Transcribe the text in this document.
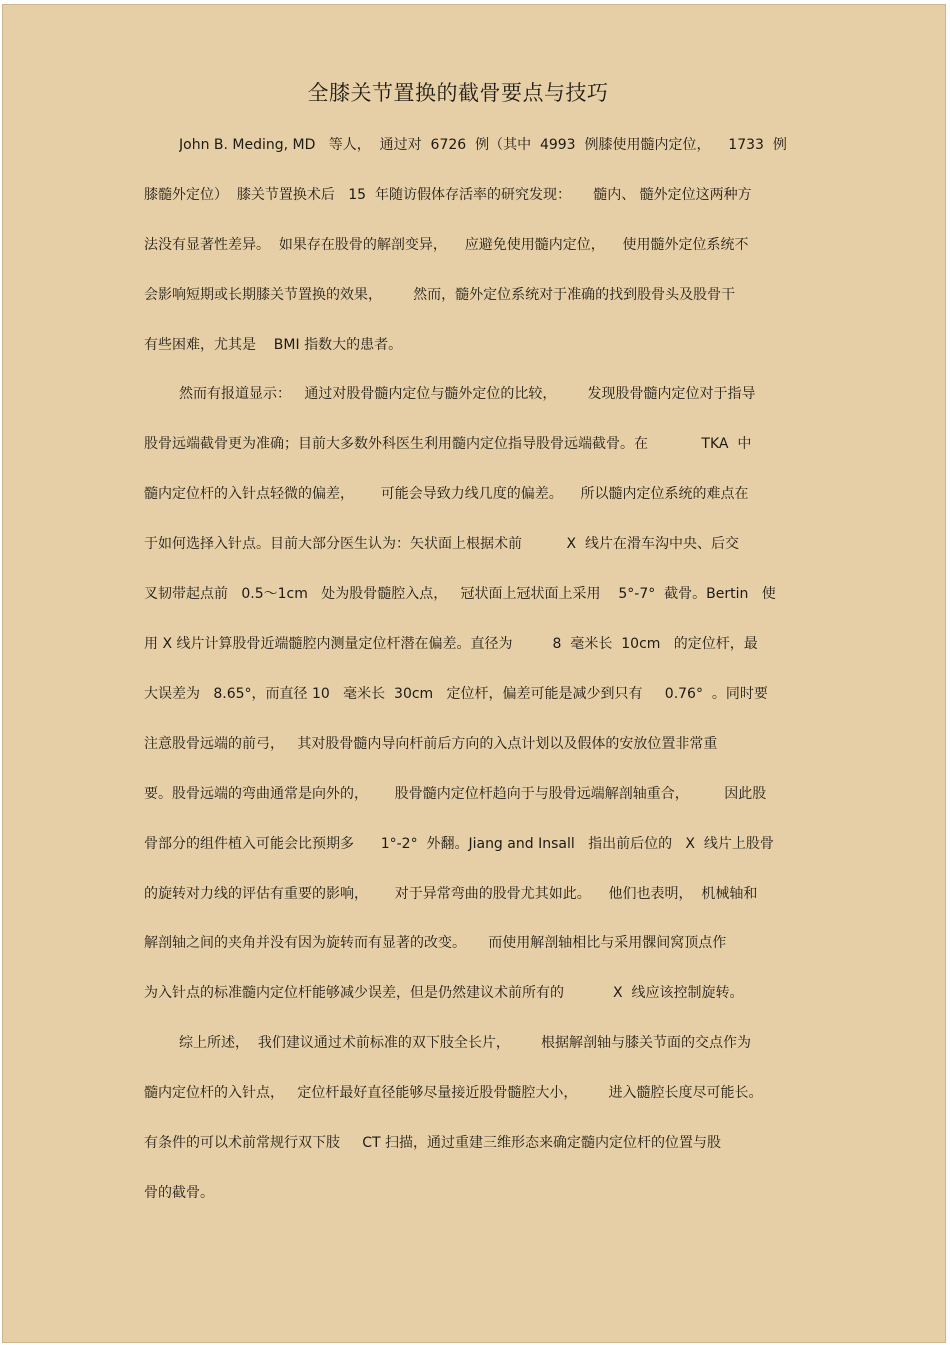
全膝关节置换的截骨要点与技巧
John B. Meding, MD   等人，  通过对  6726  例（其中  4993  例膝使用髓内定位，    1733  例
膝髓外定位）  膝关节置换术后   15  年随访假体存活率的研究发现：     髓内、 髓外定位这两种方
法没有显著性差异。  如果存在股骨的解剖变异，    应避免使用髓内定位，    使用髓外定位系统不
会影响短期或长期膝关节置换的效果，       然而，髓外定位系统对于准确的找到股骨头及股骨干
有些困难，尤其是    BMI 指数大的患者。
然而有报道显示：   通过对股骨髓内定位与髓外定位的比较，       发现股骨髓内定位对于指导
股骨远端截骨更为准确；目前大多数外科医生利用髓内定位指导股骨远端截骨。在            TKA  中
髓内定位杆的入针点轻微的偏差，      可能会导致力线几度的偏差。    所以髓内定位系统的难点在
于如何选择入针点。目前大部分医生认为：矢状面上根据术前          X  线片在滑车沟中央、后交
叉韧带起点前   0.5～1cm   处为股骨髓腔入点，   冠状面上冠状面上采用    5°-7°  截骨。Bertin   使
用 X 线片计算股骨近端髓腔内测量定位杆潜在偏差。直径为         8  毫米长  10cm   的定位杆，最
大误差为   8.65°，而直径 10   毫米长  30cm   定位杆，偏差可能是减少到只有     0.76°  。同时要
注意股骨远端的前弓，   其对股骨髓内导向杆前后方向的入点计划以及假体的安放位置非常重
要。股骨远端的弯曲通常是向外的，      股骨髓内定位杆趋向于与股骨远端解剖轴重合，        因此股
骨部分的组件植入可能会比预期多      1°-2°  外翻。Jiang and Insall   指出前后位的   X  线片上股骨
的旋转对力线的评估有重要的影响，      对于异常弯曲的股骨尤其如此。    他们也表明，  机械轴和
解剖轴之间的夹角并没有因为旋转而有显著的改变。     而使用解剖轴相比与采用髁间窝顶点作
为入针点的标准髓内定位杆能够减少误差，但是仍然建议术前所有的           X  线应该控制旋转。
综上所述，  我们建议通过术前标准的双下肢全长片，       根据解剖轴与膝关节面的交点作为
髓内定位杆的入针点，   定位杆最好直径能够尽量接近股骨髓腔大小，       进入髓腔长度尽可能长。
有条件的可以术前常规行双下肢     CT 扫描，通过重建三维形态来确定髓内定位杆的位置与股
骨的截骨。
